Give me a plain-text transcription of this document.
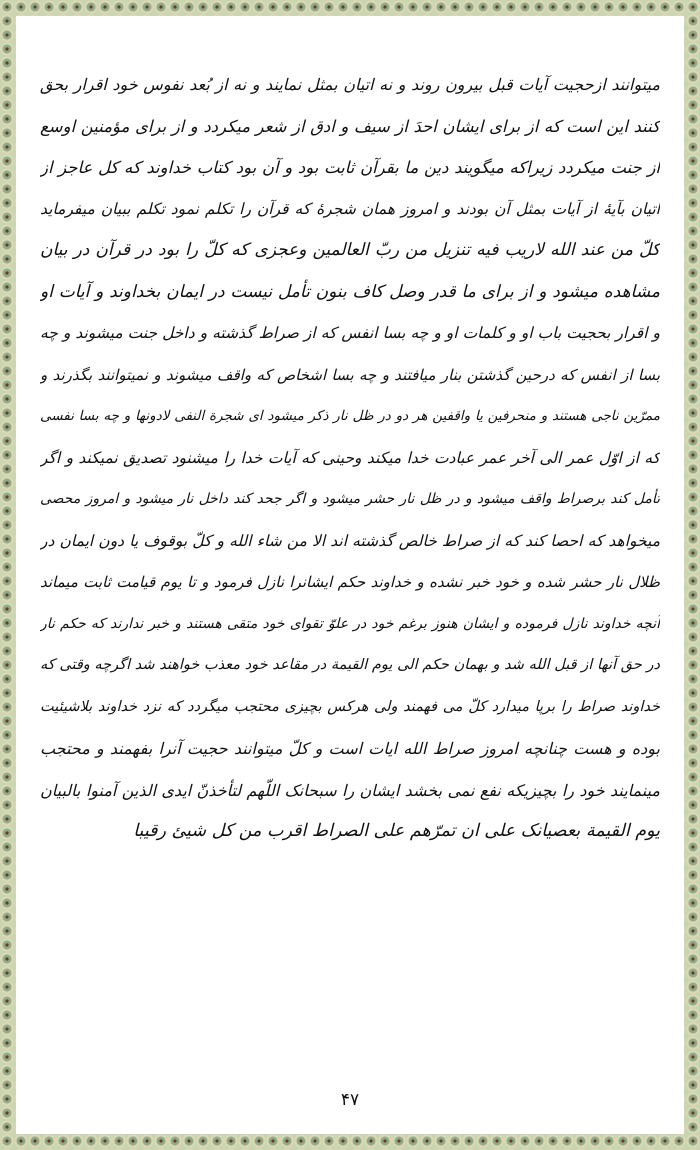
میتوانند ازحجیت آیات قبل بیرون روند و نه اتیان بمثل نمایند و نه از بُعد نفوس خود اقرار بحق
کنند این است که از برای ایشان احدَ از سیف و ادق از شعر میکردد و از برای مؤمنین اوسع
از جنت میکردد زیراکه میگویند دین ما بقرآن ثابت بود و آن بود کتاب خداوند که کل عاجز از
اتیان بآیهٔ از آیات بمثل آن بودند و امروز همان شجرهٔ که قرآن را تکلم نمود تکلم ببیان میفرماید
کلّ من عند الله لاریب فیه تنزیل من ربّ العالمین وعجزی که کلّ را بود در قرآن در بیان
مشاهده میشود و از برای ما قدر وصل کاف بنون تأمل نیست در ایمان بخداوند و آیات او
و اقرار بحجیت باب او و کلمات او و چه بسا انفس که از صراط گذشته و داخل جنت میشوند و چه
بسا از انفس که درحین گذشتن بنار میافتند و چه بسا اشخاص که واقف میشوند و نمیتوانند بگذرند و
ممرّین ناجی هستند و منحرفین یا واقفین هر دو در ظل نار ذکر میشود ای شجرة النفی لادونها و چه بسا نفسی
که از اوّل عمر الی آخر عمر عبادت خدا میکند وحینی که آیات خدا را میشنود تصدیق نمیکند و اگر
تأمل کند برصراط واقف میشود و در ظل نار حشر میشود و اگر جحد کند داخل نار میشود و امروز محصی
میخواهد که احصا کند که از صراط خالص گذشته اند الا من شاء الله و کلّ بوقوف یا دون ایمان در
ظلال نار حشر شده و خود خبر نشده و خداوند حکم ایشانرا نازل فرمود و تا یوم قیامت ثابت میماند
آنچه خداوند نازل فرموده و ایشان هنوز برغم خود در علوّ تقوای خود متقی هستند و خبر ندارند که حکم نار
در حق آنها از قبل الله شد و بهمان حکم الی یوم القیمة در مقاعد خود معذب خواهند شد اگرچه وقتی که
خداوند صراط را برپا میدارد کلّ می فهمند ولی هرکس بچیزی محتجب میگردد که نزد خداوند بلاشیئیت
بوده و هست چنانچه امروز صراط الله ایات است و کلّ میتوانند حجیت آنرا بفهمند و محتجب
مینمایند خود را بچیزیکه نفع نمی بخشد ایشان را سبحانک اللّهم لتأخذنّ ایدی الذین آمنوا بالبیان
یوم القیمة بعصیانک علی ان تمرّهم علی الصراط اقرب من کل شیئ رقیبا
۴۷
